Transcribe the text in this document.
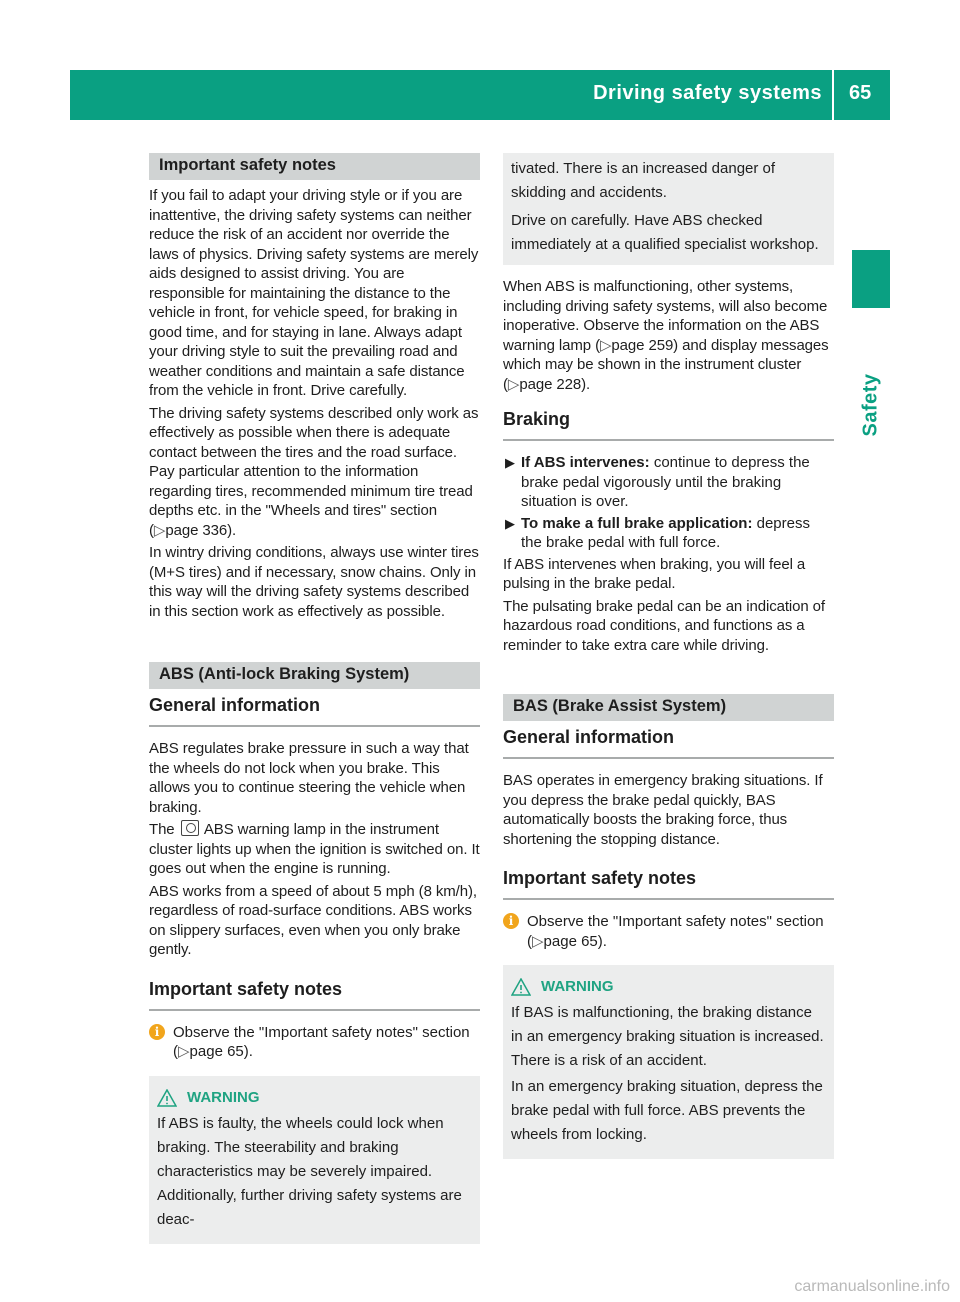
Driving safety systems 65
Safety
Important safety notes
If you fail to adapt your driving style or if you are inattentive, the driving safety systems can neither reduce the risk of an accident nor override the laws of physics. Driving safety systems are merely aids designed to assist driving. You are responsible for maintaining the distance to the vehicle in front, for vehicle speed, for braking in good time, and for staying in lane. Always adapt your driving style to suit the prevailing road and weather conditions and maintain a safe distance from the vehicle in front. Drive carefully.
The driving safety systems described only work as effectively as possible when there is adequate contact between the tires and the road surface. Pay particular attention to the information regarding tires, recommended minimum tire tread depths etc. in the "Wheels and tires" section (▷page 336).
In wintry driving conditions, always use winter tires (M+S tires) and if necessary, snow chains. Only in this way will the driving safety systems described in this section work as effectively as possible.
ABS (Anti-lock Braking System)
General information
ABS regulates brake pressure in such a way that the wheels do not lock when you brake. This allows you to continue steering the vehicle when braking.
The ABS warning lamp in the instrument cluster lights up when the ignition is switched on. It goes out when the engine is running.
ABS works from a speed of about 5 mph (8 km/h), regardless of road-surface conditions. ABS works on slippery surfaces, even when you only brake gently.
Important safety notes
i Observe the "Important safety notes" section (▷page 65).
WARNING
If ABS is faulty, the wheels could lock when braking. The steerability and braking characteristics may be severely impaired. Additionally, further driving safety systems are deac-
tivated. There is an increased danger of skidding and accidents.
Drive on carefully. Have ABS checked immediately at a qualified specialist workshop.
When ABS is malfunctioning, other systems, including driving safety systems, will also become inoperative. Observe the information on the ABS warning lamp (▷page 259) and display messages which may be shown in the instrument cluster (▷page 228).
Braking
▶ If ABS intervenes: continue to depress the brake pedal vigorously until the braking situation is over.
▶ To make a full brake application: depress the brake pedal with full force.
If ABS intervenes when braking, you will feel a pulsing in the brake pedal.
The pulsating brake pedal can be an indication of hazardous road conditions, and functions as a reminder to take extra care while driving.
BAS (Brake Assist System)
General information
BAS operates in emergency braking situations. If you depress the brake pedal quickly, BAS automatically boosts the braking force, thus shortening the stopping distance.
Important safety notes
i Observe the "Important safety notes" section (▷page 65).
WARNING
If BAS is malfunctioning, the braking distance in an emergency braking situation is increased. There is a risk of an accident.
In an emergency braking situation, depress the brake pedal with full force. ABS prevents the wheels from locking.
carmanualsonline.info
